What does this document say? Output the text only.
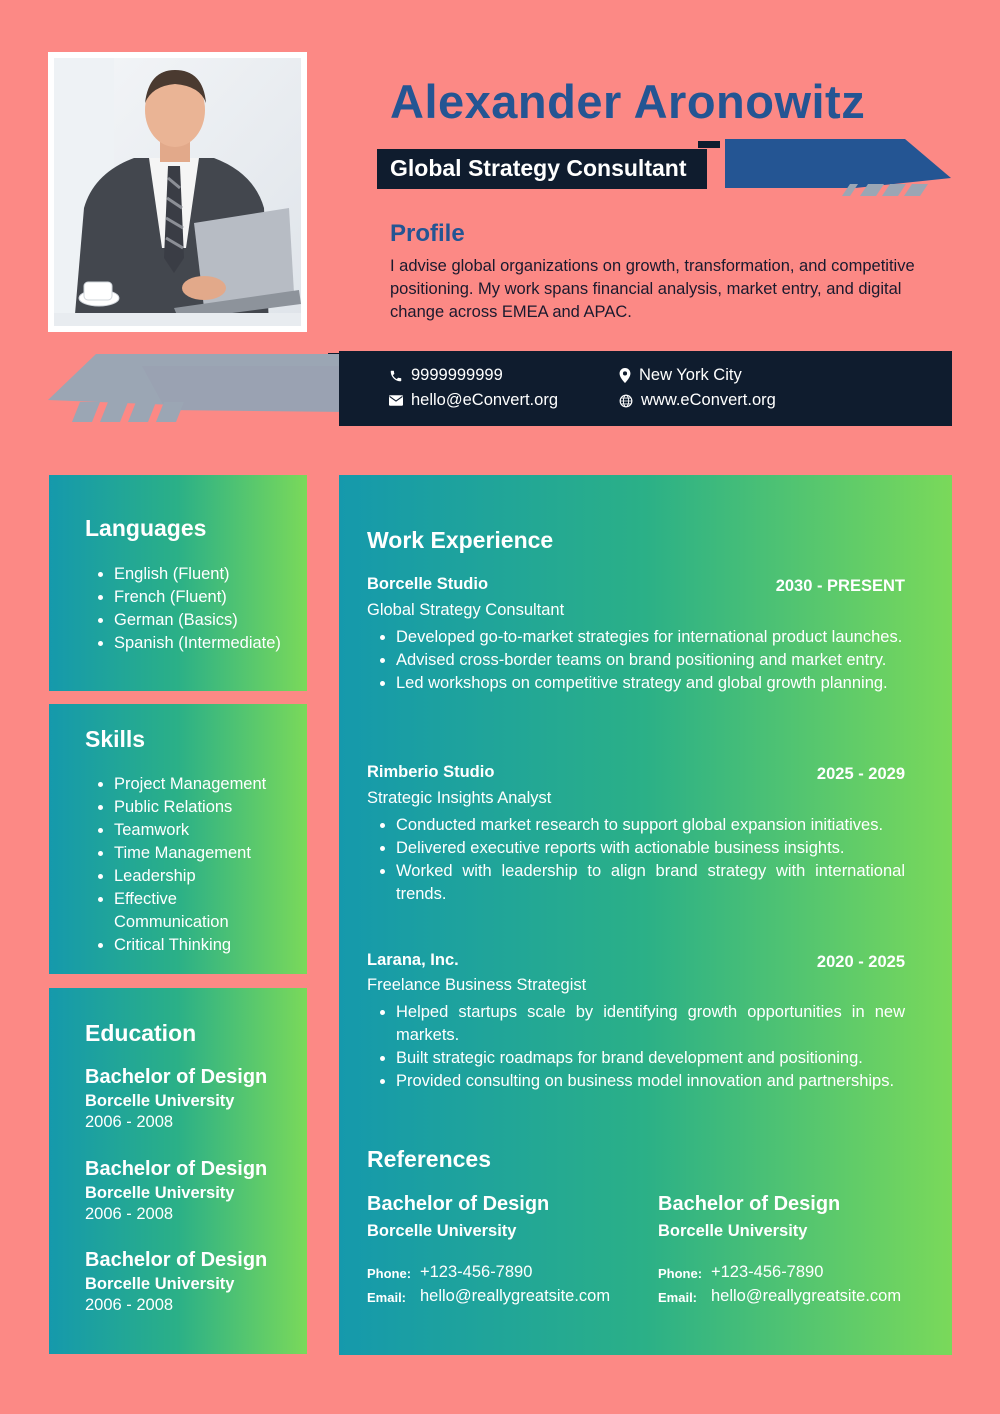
Alexander Aronowitz
Global Strategy Consultant
Profile
I advise global organizations on growth, transformation, and competitive positioning. My work spans financial analysis, market entry, and digital change across EMEA and APAC.
9999999999
hello@eConvert.org
New York City
www.eConvert.org
Languages
• English (Fluent)
• French (Fluent)
• German (Basics)
• Spanish (Intermediate)
Skills
• Project Management
• Public Relations
• Teamwork
• Time Management
• Leadership
• Effective Communication
• Critical Thinking
Education
Bachelor of Design
Borcelle University
2006 - 2008
Bachelor of Design
Borcelle University
2006 - 2008
Bachelor of Design
Borcelle University
2006 - 2008
Work Experience
Borcelle Studio	2030 - PRESENT
Global Strategy Consultant
• Developed go-to-market strategies for international product launches.
• Advised cross-border teams on brand positioning and market entry.
• Led workshops on competitive strategy and global growth planning.
Rimberio Studio	2025 - 2029
Strategic Insights Analyst
• Conducted market research to support global expansion initiatives.
• Delivered executive reports with actionable business insights.
• Worked with leadership to align brand strategy with international trends.
Larana, Inc.	2020 - 2025
Freelance Business Strategist
• Helped startups scale by identifying growth opportunities in new markets.
• Built strategic roadmaps for brand development and positioning.
• Provided consulting on business model innovation and partnerships.
References
Bachelor of Design
Borcelle University
Phone: +123-456-7890
Email: hello@reallygreatsite.com
Bachelor of Design
Borcelle University
Phone: +123-456-7890
Email: hello@reallygreatsite.com
